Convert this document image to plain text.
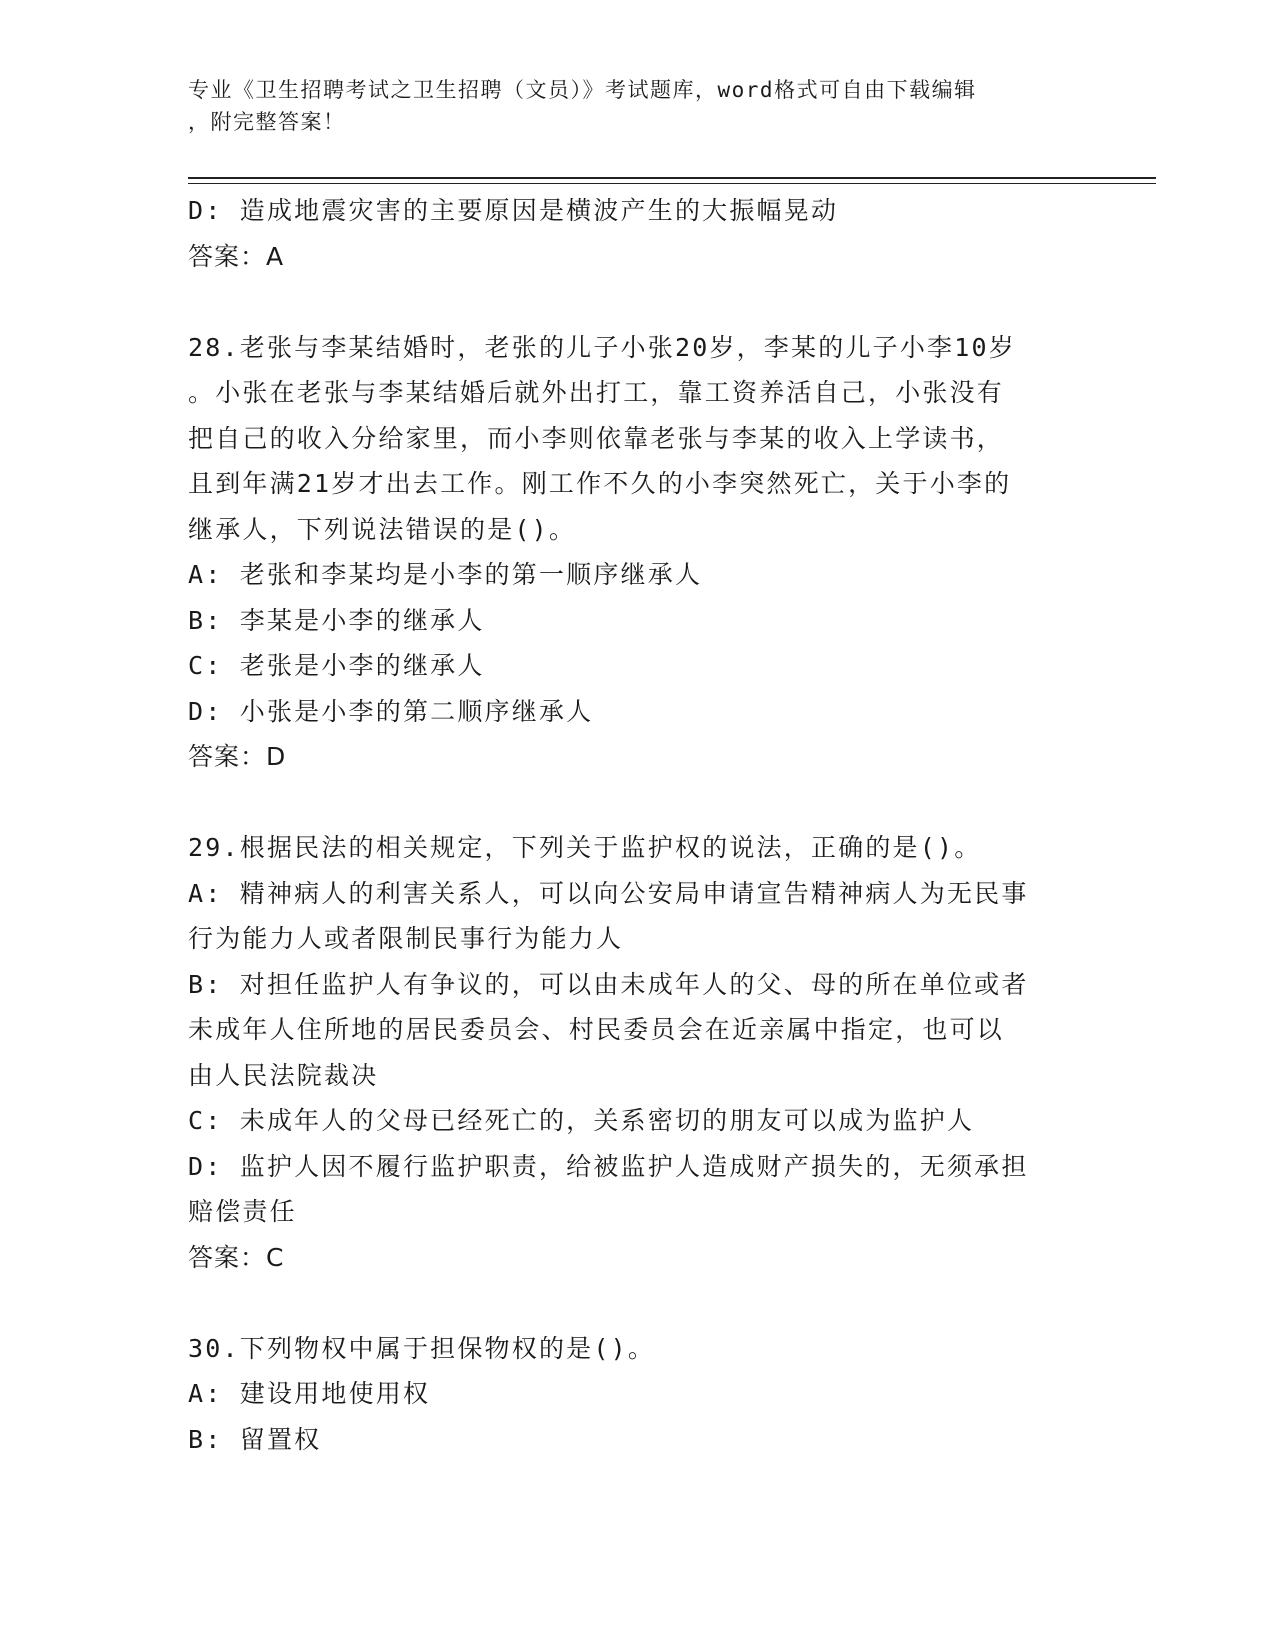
专业《卫生招聘考试之卫生招聘（文员）》考试题库，word格式可自由下载编辑
，附完整答案！
D: 造成地震灾害的主要原因是横波产生的大振幅晃动
答案：A
28.老张与李某结婚时，老张的儿子小张20岁，李某的儿子小李10岁
。小张在老张与李某结婚后就外出打工，靠工资养活自己，小张没有
把自己的收入分给家里，而小李则依靠老张与李某的收入上学读书，
且到年满21岁才出去工作。刚工作不久的小李突然死亡，关于小李的
继承人，下列说法错误的是()。
A: 老张和李某均是小李的第一顺序继承人
B: 李某是小李的继承人
C: 老张是小李的继承人
D: 小张是小李的第二顺序继承人
答案：D
29.根据民法的相关规定，下列关于监护权的说法，正确的是()。
A: 精神病人的利害关系人，可以向公安局申请宣告精神病人为无民事
行为能力人或者限制民事行为能力人
B: 对担任监护人有争议的，可以由未成年人的父、母的所在单位或者
未成年人住所地的居民委员会、村民委员会在近亲属中指定，也可以
由人民法院裁决
C: 未成年人的父母已经死亡的，关系密切的朋友可以成为监护人
D: 监护人因不履行监护职责，给被监护人造成财产损失的，无须承担
赔偿责任
答案：C
30.下列物权中属于担保物权的是()。
A: 建设用地使用权
B: 留置权
